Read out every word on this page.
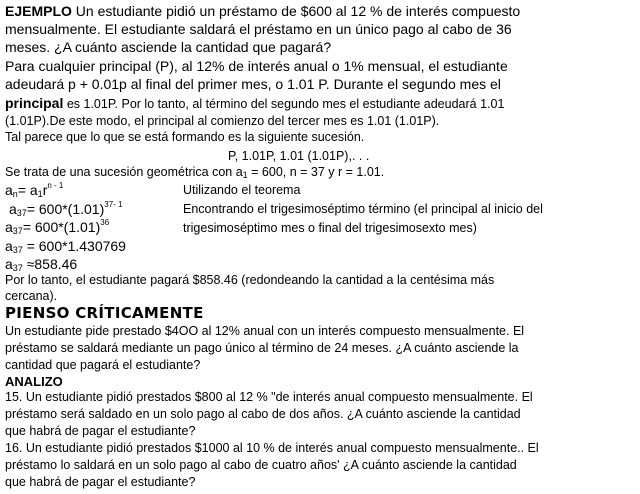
EJEMPLO Un estudiante pidió un préstamo de $600 al 12 % de interés compuesto
mensualmente. El estudiante saldará el préstamo en un único pago al cabo de 36
meses. ¿A cuánto asciende la cantidad que pagará?
Para cualquier principal (P), al 12% de interés anual o 1% mensual, el estudiante
adeudará p + 0.01p al final del primer mes, o 1.01 P. Durante el segundo mes el
principal es 1.01P. Por lo tanto, al término del segundo mes el estudiante adeudará 1.01
(1.01P).De este modo, el principal al comienzo del tercer mes es 1.01 (1.01P).
Tal parece que lo que se está formando es la siguiente sucesión.
P, 1.01P, 1.01 (1.01P),. . .
Se trata de una sucesión geométrica con $a_1 = 600$, n = 37 y r = 1.01.
$a_n= a_1r^{n - 1}$	Utilizando el teorema
$a_{37}= 600*(1.01)^{37- 1}$	Encontrando el trigesimoséptimo término (el principal al inicio del
$a_{37}= 600*(1.01)^{36}$	trigesimoséptimo mes o final del trigesimosexto mes)
$a_{37} = 600*1.430769$
$a_{37} \approx 858.46$
Por lo tanto, el estudiante pagará $858.46 (redondeando la cantidad a la centésima más
cercana).
PIENSO CRÍTICAMENTE
Un estudiante pide prestado $4OO al 12% anual con un interés compuesto mensualmente. El
préstamo se saldará mediante un pago único al término de 24 meses. ¿A cuánto asciende la
cantidad que pagará el estudiante?
ANALIZO
15. Un estudiante pidió prestados $800 al 12 % "de interés anual compuesto mensualmente. El
préstamo será saldado en un solo pago al cabo de dos años. ¿A cuánto asciende la cantidad
que habrá de pagar el estudiante?
16. Un estudiante pidió prestados $1000 al 10 % de interés anual compuesto mensualmente.. El
préstamo lo saldará en un solo pago al cabo de cuatro años' ¿A cuánto asciende la cantidad
que habrá de pagar el estudiante?
